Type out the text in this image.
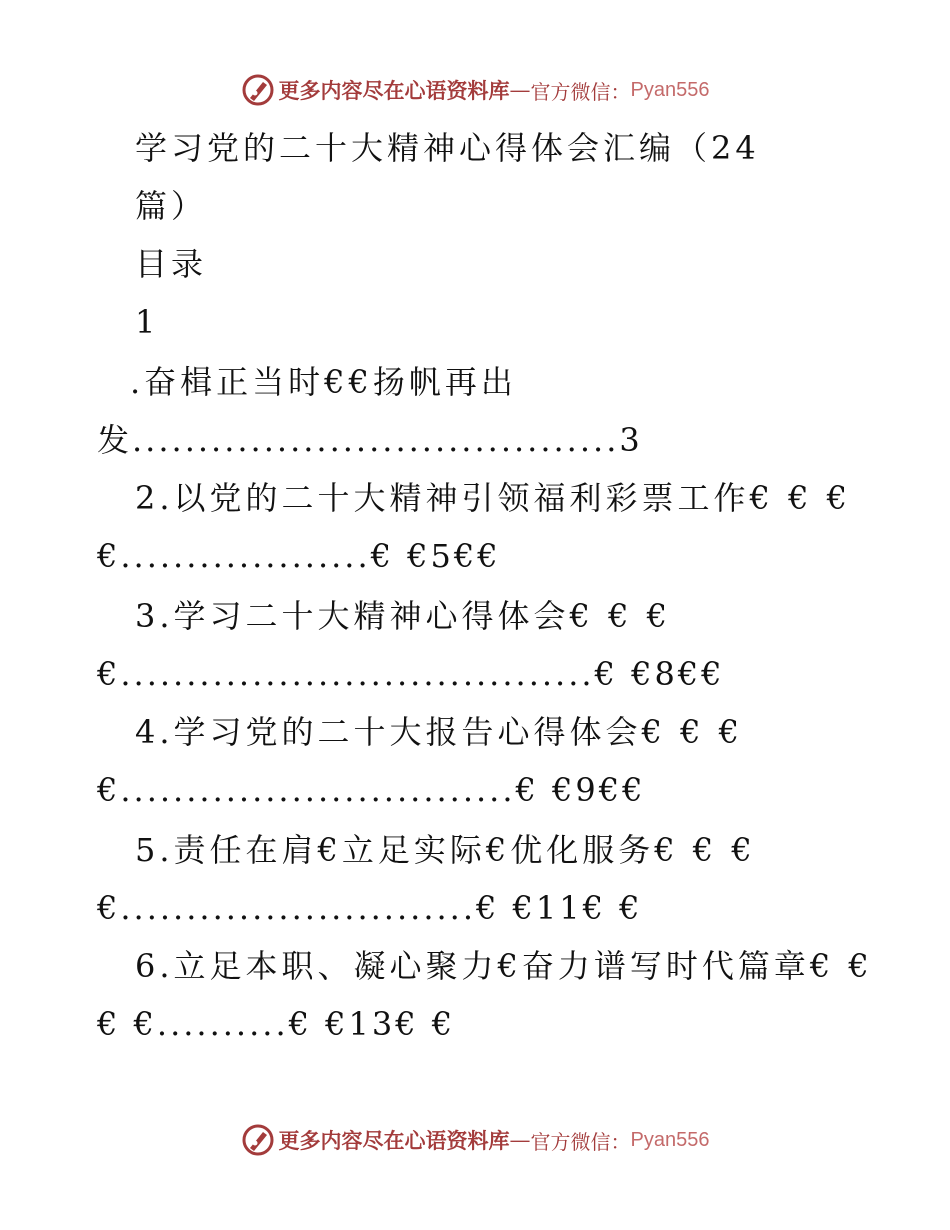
更多内容尽在心语资料库 — 官方微信： Pyan556
学习党的二十大精神心得体会汇编（24
篇）
目录
1
.奋楫正当时€€扬帆再出
发.....................................3
2.以党的二十大精神引领福利彩票工作€ € €
€...................€ €5€€
3.学习二十大精神心得体会€ € €
€....................................€ €8€€
4.学习党的二十大报告心得体会€ € €
€..............................€ €9€€
5.责任在肩€立足实际€优化服务€ € €
€...........................€ €11€ €
6.立足本职、凝心聚力€奋力谱写时代篇章€ €
€ €..........€ €13€ €
更多内容尽在心语资料库 — 官方微信： Pyan556
